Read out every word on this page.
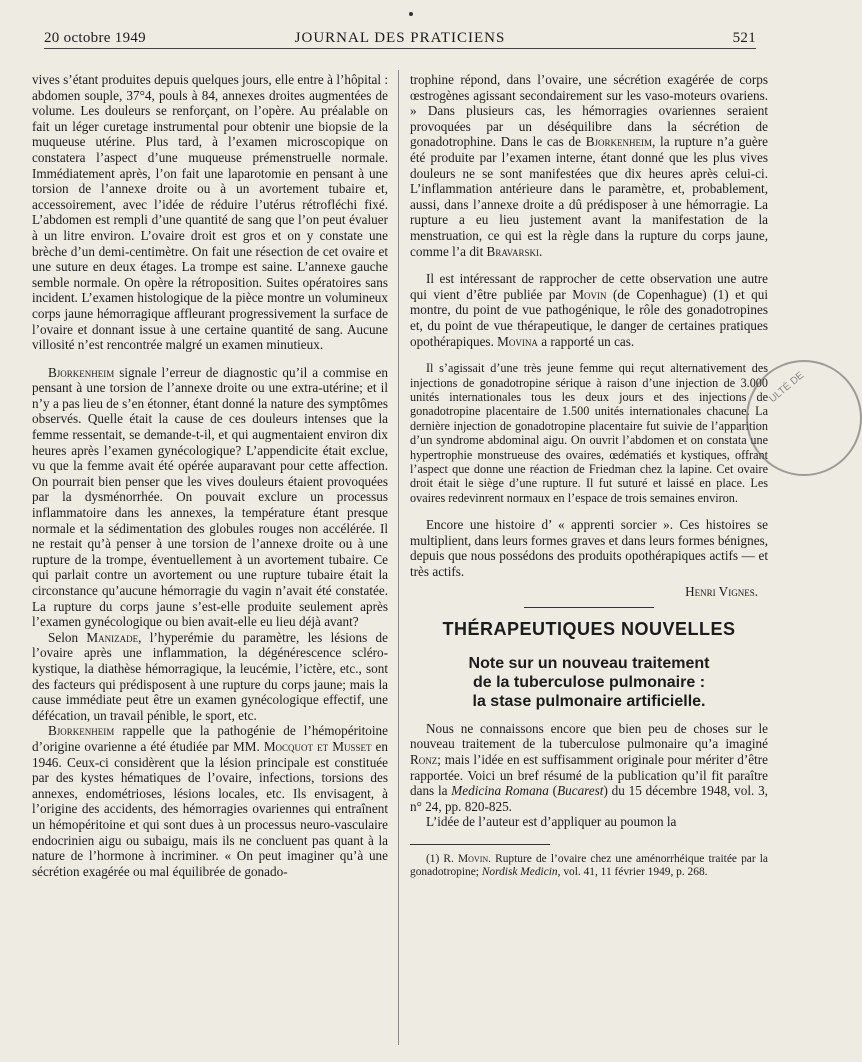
20 octobre 1949	JOURNAL DES PRATICIENS	521

vives s’étant produites depuis quelques jours, elle entre à l’hôpital : abdomen souple, 37°4, pouls à 84, annexes droites augmentées de volume. Les douleurs se renforçant, on l’opère. Au préalable on fait un léger curetage instrumental pour obtenir une biopsie de la muqueuse utérine. Plus tard, à l’examen microscopique on constatera l’aspect d’une muqueuse prémenstruelle normale. Immédiatement après, l’on fait une laparotomie en pensant à une torsion de l’annexe droite ou à un avortement tubaire et, accessoirement, avec l’idée de réduire l’utérus rétrofléchi fixé. L’abdomen est rempli d’une quantité de sang que l’on peut évaluer à un litre environ. L’ovaire droit est gros et on y constate une brèche d’un demi-centimètre. On fait une résection de cet ovaire et une suture en deux étages. La trompe est saine. L’annexe gauche semble normale. On opère la rétroposition. Suites opératoires sans incident. L’examen histologique de la pièce montre un volumineux corps jaune hémorragique affleurant progressivement la surface de l’ovaire et donnant issue à une certaine quantité de sang. Aucune villosité n’est rencontrée malgré un examen minutieux.

Bjorkenheim signale l’erreur de diagnostic qu’il a commise en pensant à une torsion de l’annexe droite ou une extra-utérine; et il n’y a pas lieu de s’en étonner, étant donné la nature des symptômes observés. Quelle était la cause de ces douleurs intenses que la femme ressentait, se demande-t-il, et qui augmentaient environ dix heures après l’examen gynécologique? L’appendicite était exclue, vu que la femme avait été opérée auparavant pour cette affection. On pourrait bien penser que les vives douleurs étaient provoquées par la dysménorrhée. On pouvait exclure un processus inflammatoire dans les annexes, la température étant presque normale et la sédimentation des globules rouges non accélérée. Il ne restait qu’à penser à une torsion de l’annexe droite ou à une rupture de la trompe, éventuellement à un avortement tubaire. Ce qui parlait contre un avortement ou une rupture tubaire était la circonstance qu’aucune hémorragie du vagin n’avait été constatée. La rupture du corps jaune s’est-elle produite seulement après l’examen gynécologique ou bien avait-elle eu lieu déjà avant?

Selon Manizade, l’hyperémie du paramètre, les lésions de l’ovaire après une inflammation, la dégénérescence scléro-kystique, la diathèse hémorragique, la leucémie, l’ictère, etc., sont des facteurs qui prédisposent à une rupture du corps jaune; mais la cause immédiate peut être un examen gynécologique effectif, une défécation, un travail pénible, le sport, etc.

Bjorkenheim rappelle que la pathogénie de l’hémopéritoine d’origine ovarienne a été étudiée par MM. Mocquot et Musset en 1946. Ceux-ci considèrent que la lésion principale est constituée par des kystes hématiques de l’ovaire, infections, torsions des annexes, endométrioses, lésions locales, etc. Ils envisagent, à l’origine des accidents, des hémorragies ovariennes qui entraînent un hémopéritoine et qui sont dues à un processus neuro-vasculaire endocrinien aigu ou subaigu, mais ils ne concluent pas quant à la nature de l’hormone à incriminer. « On peut imaginer qu’à une sécrétion exagérée ou mal équilibrée de gonado-

trophine répond, dans l’ovaire, une sécrétion exagérée de corps œstrogènes agissant secondairement sur les vaso-moteurs ovariens. » Dans plusieurs cas, les hémorragies ovariennes seraient provoquées par un déséquilibre dans la sécrétion de gonadotrophine. Dans le cas de Bjorkenheim, la rupture n’a guère été produite par l’examen interne, étant donné que les plus vives douleurs ne se sont manifestées que dix heures après celui-ci. L’inflammation antérieure dans le paramètre, et, probablement, aussi, dans l’annexe droite a dû prédisposer à une hémorragie. La rupture a eu lieu justement avant la manifestation de la menstruation, ce qui est la règle dans la rupture du corps jaune, comme l’a dit Bravarski.

Il est intéressant de rapprocher de cette observation une autre qui vient d’être publiée par Movin (de Copenhague) (1) et qui montre, du point de vue pathogénique, le rôle des gonadotropines et, du point de vue thérapeutique, le danger de certaines pratiques opothérapiques. Movina a rapporté un cas.

Il s’agissait d’une très jeune femme qui reçut alternativement des injections de gonadotropine sérique à raison d’une injection de 3.000 unités internationales tous les deux jours et des injections de gonadotropine placentaire de 1.500 unités internationales chacune. La dernière injection de gonadotropine placentaire fut suivie de l’apparition d’un syndrome abdominal aigu. On ouvrit l’abdomen et on constata une hypertrophie monstrueuse des ovaires, œdématiés et kystiques, offrant l’aspect que donne une réaction de Friedman chez la lapine. Cet ovaire droit était le siège d’une rupture. Il fut suturé et laissé en place. Les ovaires redevinrent normaux en l’espace de trois semaines environ.

Encore une histoire d’ « apprenti sorcier ». Ces histoires se multiplient, dans leurs formes graves et dans leurs formes bénignes, depuis que nous possédons des produits opothérapiques actifs — et très actifs.

Henri Vignes.

THÉRAPEUTIQUES NOUVELLES
Note sur un nouveau traitement
de la tuberculose pulmonaire :
la stase pulmonaire artificielle.

Nous ne connaissons encore que bien peu de choses sur le nouveau traitement de la tuberculose pulmonaire qu’a imaginé Ronz; mais l’idée en est suffisamment originale pour mériter d’être rapportée. Voici un bref résumé de la publication qu’il fit paraître dans la Medicina Romana (Bucarest) du 15 décembre 1948, vol. 3, n° 24, pp. 820-825.

L’idée de l’auteur est d’appliquer au poumon la

(1) R. Movin. Rupture de l’ovaire chez une aménorrhéique traitée par la gonadotropine; Nordisk Medicin, vol. 41, 11 février 1949, p. 268.

ULTÉ DE
